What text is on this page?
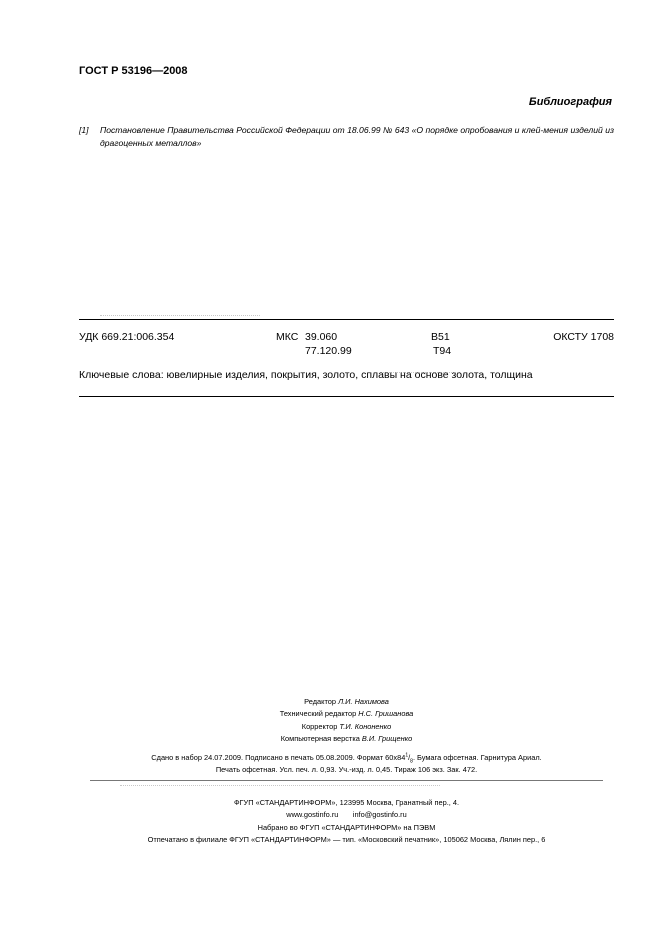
ГОСТ Р 53196—2008
Библиография
[1] Постановление Правительства Российской Федерации от 18.06.99 № 643 «О порядке опробования и клей-мения изделий из драгоценных металлов»
УДК 669.21:006.354	МКС 39.060
77.120.99
В51
Т94
ОКСТУ 1708
Ключевые слова: ювелирные изделия, покрытия, золото, сплавы на основе золота, толщина
Редактор Л.И. Нахимова
Технический редактор Н.С. Гришанова
Корректор Т.И. Кононенко
Компьютерная верстка В.И. Грищенко
Сдано в набор 24.07.2009. Подписано в печать 05.08.2009. Формат $60х84^1/_8$. Бумага офсетная. Гарнитура Ариал.
Печать офсетная. Усл. печ. л. 0,93. Уч.-изд. л. 0,45. Тираж 106 экз. Зак. 472.
ФГУП «СТАНДАРТИНФОРМ», 123995 Москва, Гранатный пер., 4.
www.gostinfo.ru info@gostinfo.ru
Набрано во ФГУП «СТАНДАРТИНФОРМ» на ПЭВМ
Отпечатано в филиале ФГУП «СТАНДАРТИНФОРМ» — тип. «Московский печатник», 105062 Москва, Лялин пер., 6
